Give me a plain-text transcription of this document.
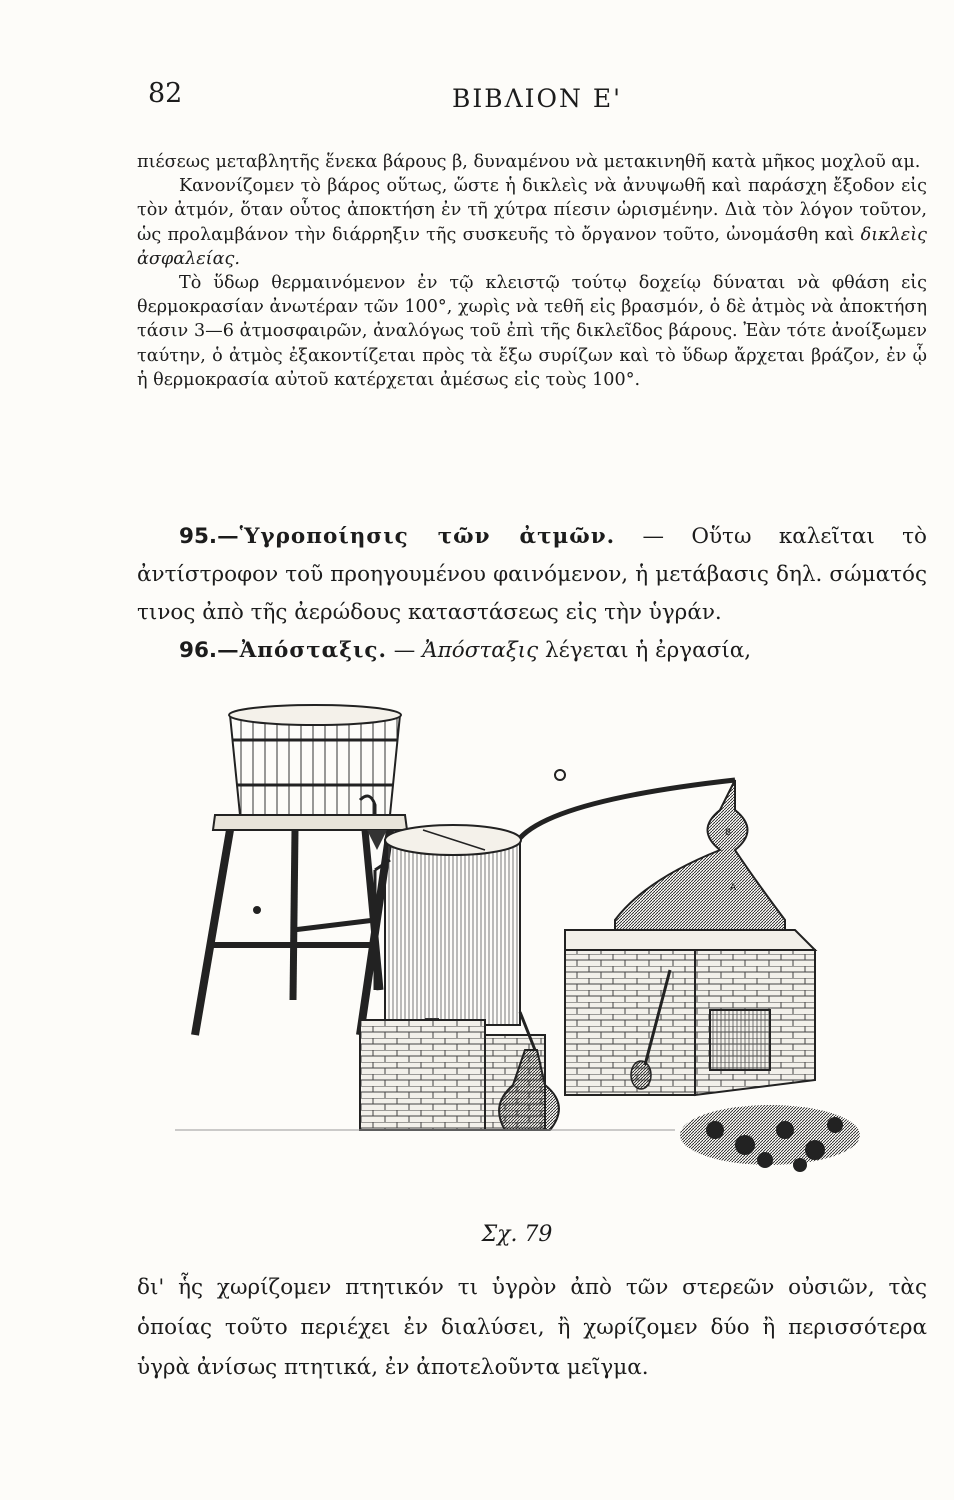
82	ΒΙΒΛΙΟΝ Ε'

πιέσεως μεταβλητῆς ἕνεκα βάρους β, δυναμένου νὰ μετακινηθῆ κατὰ μῆκος μοχλοῦ αμ.

Κανονίζομεν τὸ βάρος οὕτως, ὥστε ἡ δικλεὶς νὰ ἀνυψωθῆ καὶ παράσχη ἔξοδον εἰς τὸν ἀτμόν, ὅταν οὗτος ἀποκτήση ἐν τῆ χύτρα πίεσιν ὡρισμένην. Διὰ τὸν λόγον τοῦτον, ὡς προλαμβάνον τὴν διάρρηξιν τῆς συσκευῆς τὸ ὄργανον τοῦτο, ὠνομάσθη καὶ δικλεὶς ἀσφαλείας.

Τὸ ὕδωρ θερμαινόμενον ἐν τῷ κλειστῷ τούτῳ δοχείῳ δύναται νὰ φθάση εἰς θερμοκρασίαν ἀνωτέραν τῶν 100°, χωρὶς νὰ τεθῆ εἰς βρασμόν, ὁ δὲ ἀτμὸς νὰ ἀποκτήση τάσιν 3—6 ἀτμοσφαιρῶν, ἀναλόγως τοῦ ἐπὶ τῆς δικλεῖδος βάρους. Ἐὰν τότε ἀνοίξωμεν ταύτην, ὁ ἀτμὸς ἐξακοντίζεται πρὸς τὰ ἔξω συρίζων καὶ τὸ ὕδωρ ἄρχεται βράζον, ἐν ᾧ ἡ θερμοκρασία αὐτοῦ κατέρχεται ἀμέσως εἰς τοὺς 100°.

95.—Ὑγροποίησις τῶν ἀτμῶν. — Οὕτω καλεῖται τὸ ἀντίστροφον τοῦ προηγουμένου φαινόμενον, ἡ μετάβασις δηλ. σώματός τινος ἀπὸ τῆς ἀερώδους καταστάσεως εἰς τὴν ὑγράν.

96.—Ἀπόσταξις. — Ἀπόσταξις λέγεται ἡ ἐργασία,

B
A
Σχ. 79

δι' ἧς χωρίζομεν πτητικόν τι ὑγρὸν ἀπὸ τῶν στερεῶν οὐσιῶν, τὰς ὁποίας τοῦτο περιέχει ἐν διαλύσει, ἢ χωρίζομεν δύο ἢ περισσότερα ὑγρὰ ἀνίσως πτητικά, ἐν ἀποτελοῦντα μεῖγμα.
